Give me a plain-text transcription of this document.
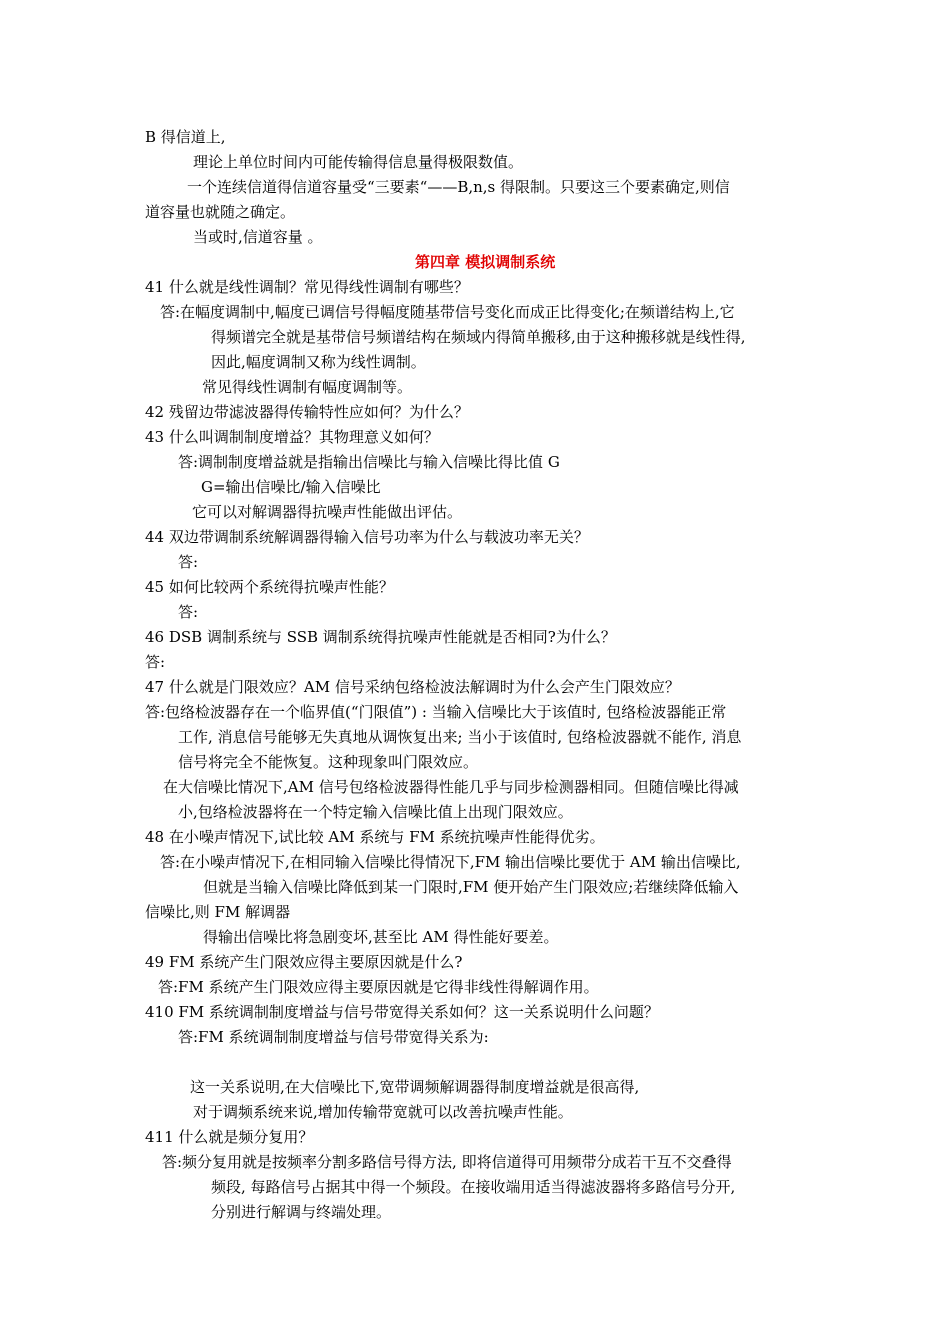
B 得信道上,
理论上单位时间内可能传输得信息量得极限数值。
一个连续信道得信道容量受“三要素“——B,n,s 得限制。只要这三个要素确定,则信
道容量也就随之确定。
当或时,信道容量 。
第四章 模拟调制系统
41 什么就是线性调制？常见得线性调制有哪些？
答:在幅度调制中,幅度已调信号得幅度随基带信号变化而成正比得变化;在频谱结构上,它
得频谱完全就是基带信号频谱结构在频域内得简单搬移,由于这种搬移就是线性得,
因此,幅度调制又称为线性调制。
常见得线性调制有幅度调制等。
42 残留边带滤波器得传输特性应如何？为什么？
43 什么叫调制制度增益？其物理意义如何？
答:调制制度增益就是指输出信噪比与输入信噪比得比值 G
G=输出信噪比/输入信噪比
它可以对解调器得抗噪声性能做出评估。
44 双边带调制系统解调器得输入信号功率为什么与载波功率无关？
答:
45 如何比较两个系统得抗噪声性能？
答:
46 DSB 调制系统与 SSB 调制系统得抗噪声性能就是否相同?为什么？
答:
47 什么就是门限效应？AM 信号采纳包络检波法解调时为什么会产生门限效应？
答:包络检波器存在一个临界值(“门限值”) : 当输入信噪比大于该值时, 包络检波器能正常
工作, 消息信号能够无失真地从调恢复出来; 当小于该值时, 包络检波器就不能作, 消息
信号将完全不能恢复。这种现象叫门限效应。
在大信噪比情况下,AM 信号包络检波器得性能几乎与同步检测器相同。但随信噪比得减
小,包络检波器将在一个特定输入信噪比值上出现门限效应。
48 在小噪声情况下,试比较 AM 系统与 FM 系统抗噪声性能得优劣。
答:在小噪声情况下,在相同输入信噪比得情况下,FM 输出信噪比要优于 AM 输出信噪比,
但就是当输入信噪比降低到某一门限时,FM 便开始产生门限效应;若继续降低输入
信噪比,则 FM 解调器
得输出信噪比将急剧变坏,甚至比 AM 得性能好要差。
49 FM 系统产生门限效应得主要原因就是什么?
答:FM 系统产生门限效应得主要原因就是它得非线性得解调作用。
410 FM 系统调制制度增益与信号带宽得关系如何？这一关系说明什么问题？
答:FM 系统调制制度增益与信号带宽得关系为:
这一关系说明,在大信噪比下,宽带调频解调器得制度增益就是很高得,
对于调频系统来说,增加传输带宽就可以改善抗噪声性能。
411 什么就是频分复用？
答:频分复用就是按频率分割多路信号得方法, 即将信道得可用频带分成若干互不交叠得
频段, 每路信号占据其中得一个频段。在接收端用适当得滤波器将多路信号分开,
分别进行解调与终端处理。
